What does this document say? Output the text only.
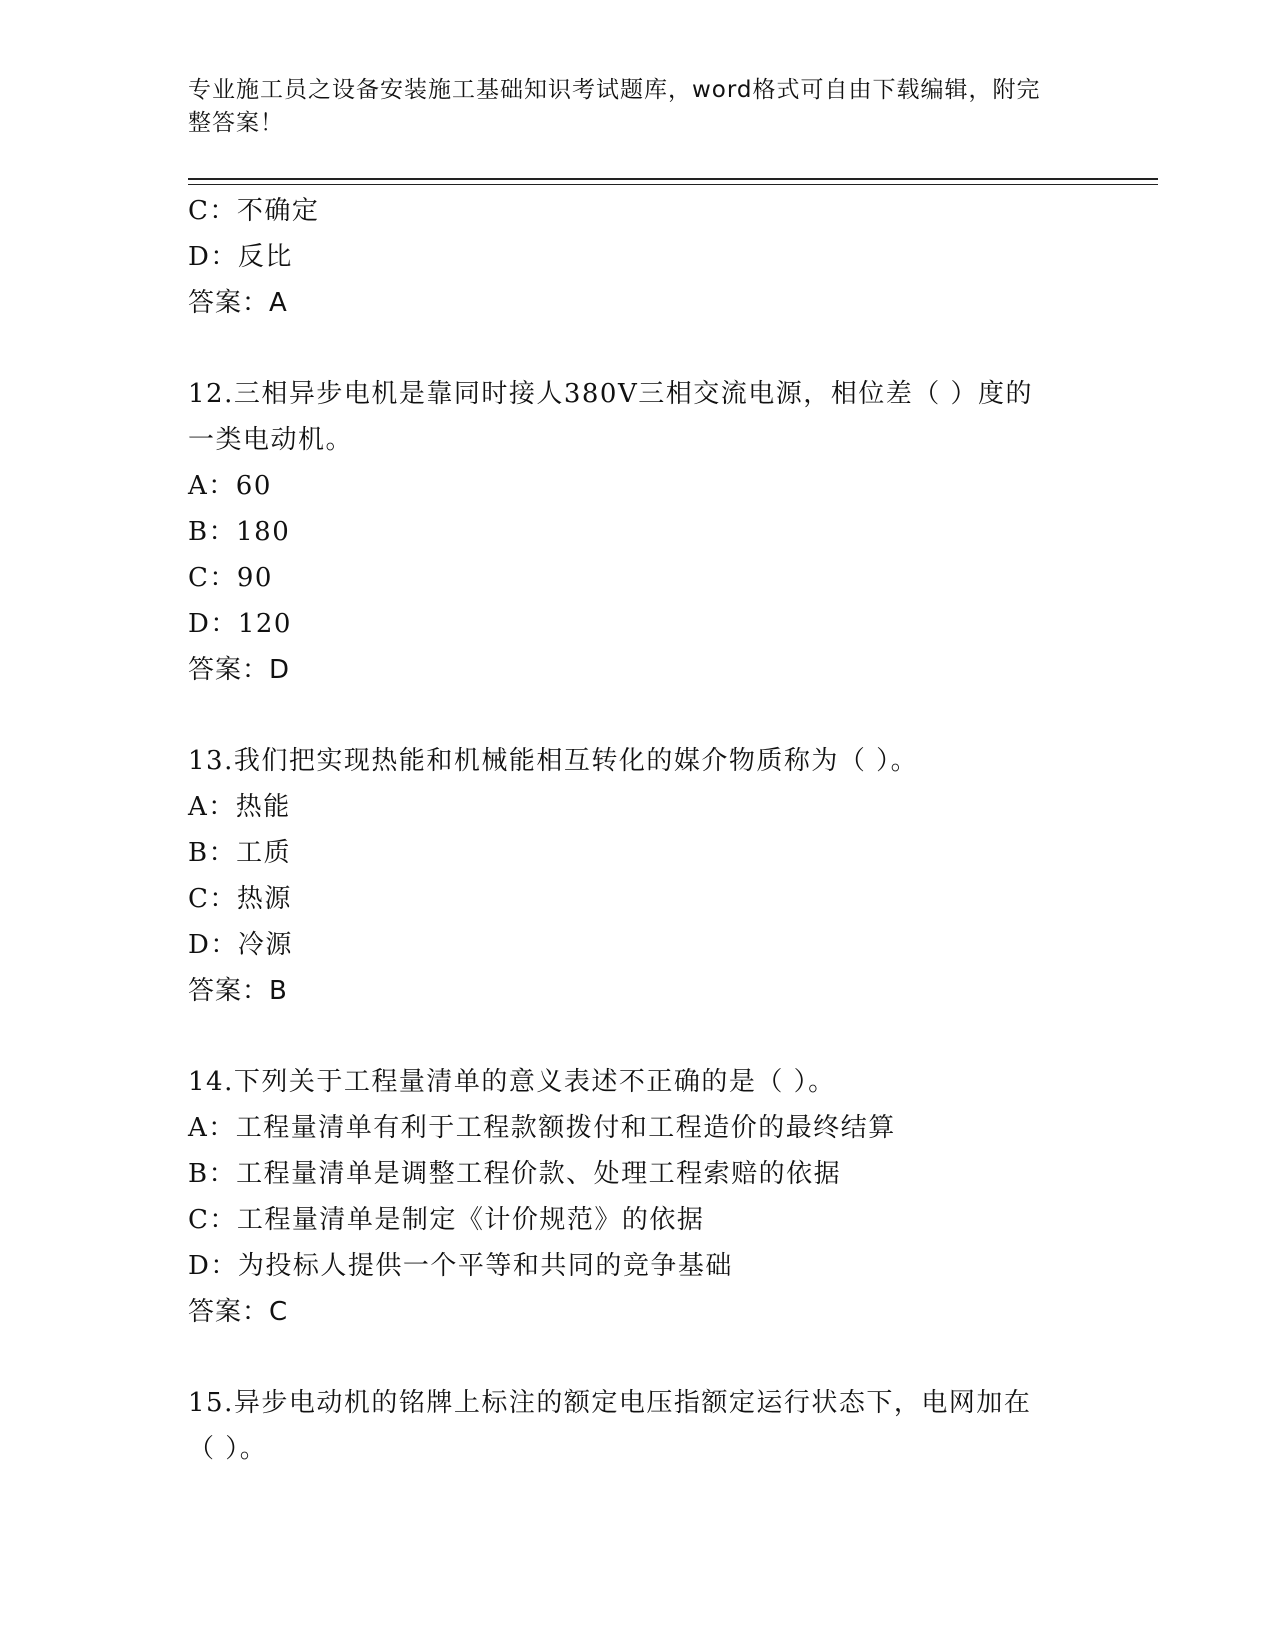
专业施工员之设备安装施工基础知识考试题库，word格式可自由下载编辑，附完
整答案！
C：不确定
D：反比
答案：A
12.三相异步电机是靠同时接人380V三相交流电源，相位差（ ）度的
一类电动机。
A：60
B：180
C：90
D：120
答案：D
13.我们把实现热能和机械能相互转化的媒介物质称为（ ）。
A：热能
B：工质
C：热源
D：冷源
答案：B
14.下列关于工程量清单的意义表述不正确的是（ ）。
A：工程量清单有利于工程款额拨付和工程造价的最终结算
B：工程量清单是调整工程价款、处理工程索赔的依据
C：工程量清单是制定《计价规范》的依据
D：为投标人提供一个平等和共同的竞争基础
答案：C
15.异步电动机的铭牌上标注的额定电压指额定运行状态下，电网加在
（ ）。
